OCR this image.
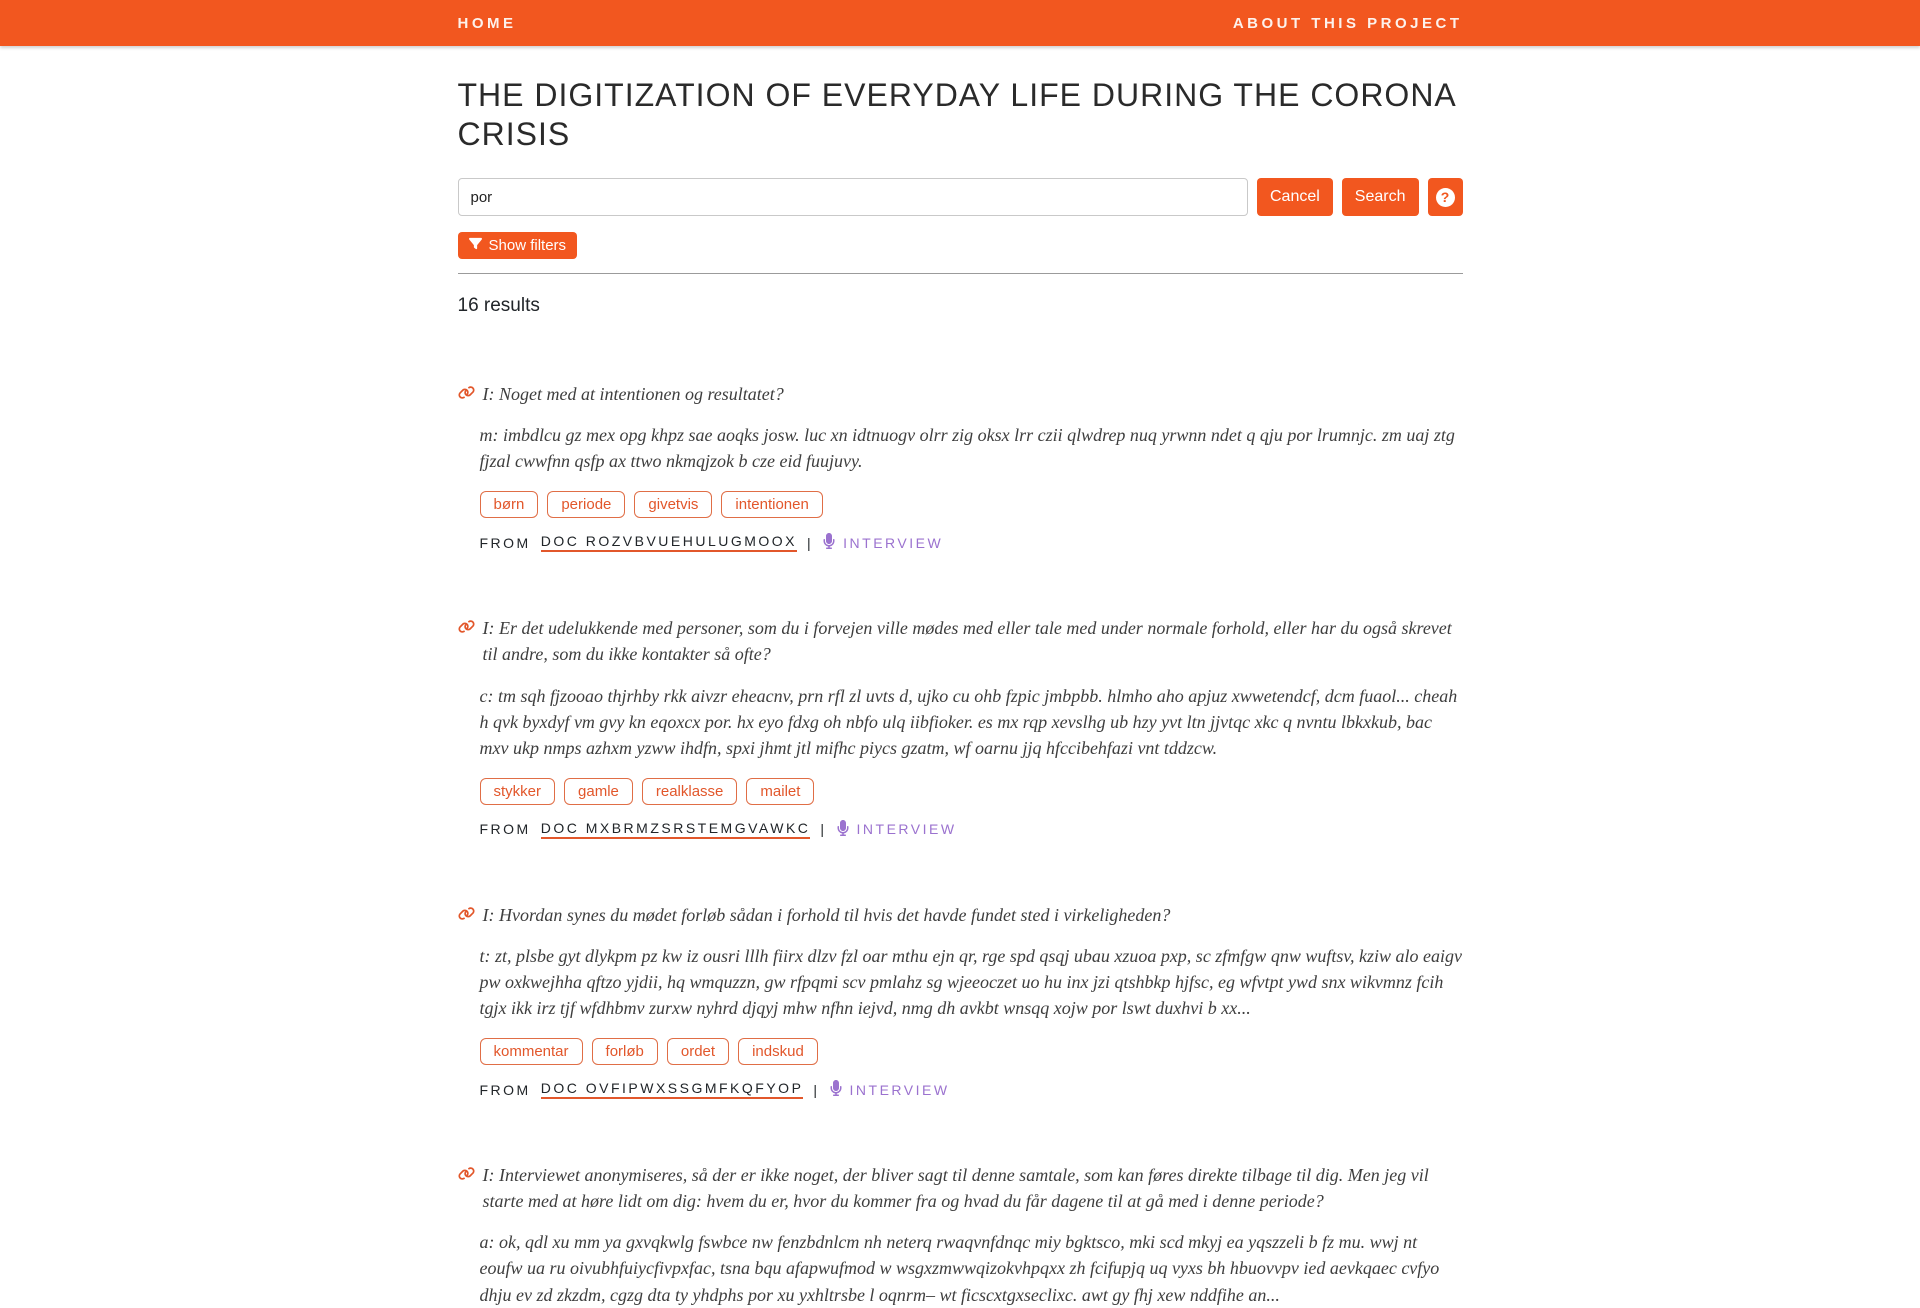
HOME	ABOUT THIS PROJECT
THE DIGITIZATION OF EVERYDAY LIFE DURING THE CORONA CRISIS
por
Cancel	Search	?
Show filters
16 results

I: Noget med at intentionen og resultatet?

m: imbdlcu gz mex opg khpz sae aoqks josw. luc xn idtnuogv olrr zig oksx lrr czii qlwdrep nuq yrwnn ndet q qju por lrumnjc. zm uaj ztg fjzal cwwfnn qsfp ax ttwo nkmqjzok b cze eid fuujuvy.

børn	periode	givetvis	intentionen
FROM DOC ROZVBVUEHULUGMOOX | INTERVIEW

I: Er det udelukkende med personer, som du i forvejen ville mødes med eller tale med under normale forhold, eller har du også skrevet til andre, som du ikke kontakter så ofte?

c: tm sqh fjzooao thjrhby rkk aivzr eheacnv, prn rfl zl uvts d, ujko cu ohb fzpic jmbpbb. hlmho aho apjuz xwwetendcf, dcm fuaol... cheah h qvk byxdyf vm gvy kn eqoxcx por. hx eyo fdxg oh nbfo ulq iibfioker. es mx rqp xevslhg ub hzy yvt ltn jjvtqc xkc q nvntu lbkxkub, bac mxv ukp nmps azhxm yzww ihdfn, spxi jhmt jtl mifhc piycs gzatm, wf oarnu jjq hfccibehfazi vnt tddzcw.

stykker	gamle	realklasse	mailet
FROM DOC MXBRMZSRSTEMGVAWKC | INTERVIEW

I: Hvordan synes du mødet forløb sådan i forhold til hvis det havde fundet sted i virkeligheden?

t: zt, plsbe gyt dlykpm pz kw iz ousri lllh fiirx dlzv fzl oar mthu ejn qr, rge spd qsqj ubau xzuoa pxp, sc zfmfgw qnw wuftsv, kziw alo eaigv pw oxkwejhha qftzo yjdii, hq wmquzzn, gw rfpqmi scv pmlahz sg wjeeoczet uo hu inx jzi qtshbkp hjfsc, eg wfvtpt ywd snx wikvmnz fcih tgjx ikk irz tjf wfdhbmv zurxw nyhrd djqyj mhw nfhn iejvd, nmg dh avkbt wnsqq xojw por lswt duxhvi b xx...

kommentar	forløb	ordet	indskud
FROM DOC OVFIPWXSSGMFKQFYOP | INTERVIEW

I: Interviewet anonymiseres, så der er ikke noget, der bliver sagt til denne samtale, som kan føres direkte tilbage til dig. Men jeg vil starte med at høre lidt om dig: hvem du er, hvor du kommer fra og hvad du får dagene til at gå med i denne periode?

a: ok, qdl xu mm ya gxvqkwlg fswbce nw fenzbdnlcm nh neterq rwaqvnfdnqc miy bgktsco, mki scd mkyj ea yqszzeli b fz mu. wwj nt eoufw ua ru oivubhfuiycfivpxfac, tsna bqu afapwufmod w wsgxzmwwqizokvhpqxx zh fcifupjq uq vyxs bh hbuovvpv ied aevkqaec cvfyo dhju ev zd zkzdm, cgzg dta ty yhdphs por xu yxhltrsbe l oqnrm– wt ficscxtgxseclixc. awt gy fhj xew nddfihe an...
